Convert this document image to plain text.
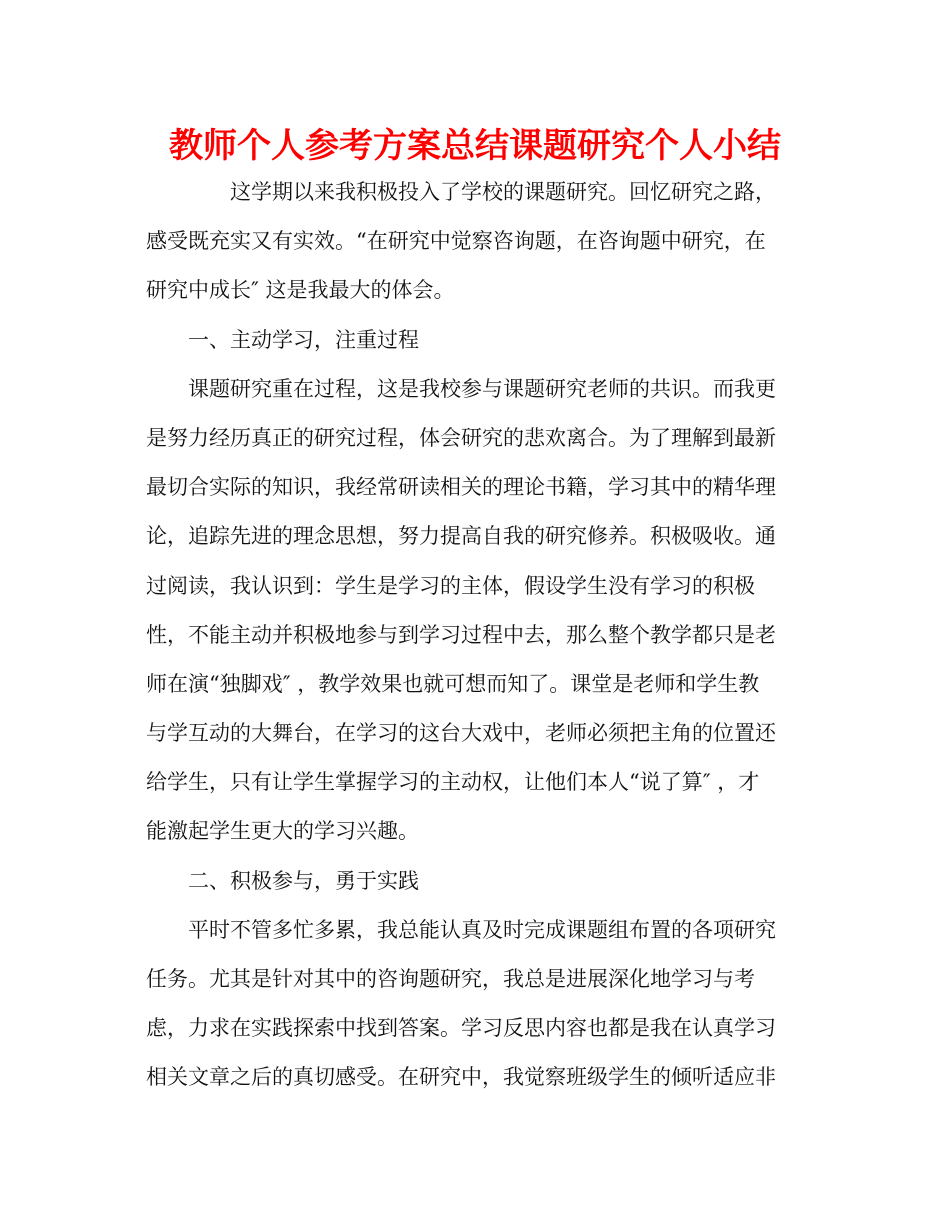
教师个人参考方案总结课题研究个人小结
这学期以来我积极投入了学校的课题研究。回忆研究之路，
感受既充实又有实效。“在研究中觉察咨询题，在咨询题中研究，在
研究中成长″ 这是我最大的体会。
一、主动学习，注重过程
课题研究重在过程，这是我校参与课题研究老师的共识。而我更
是努力经历真正的研究过程，体会研究的悲欢离合。为了理解到最新
最切合实际的知识，我经常研读相关的理论书籍，学习其中的精华理
论，追踪先进的理念思想，努力提高自我的研究修养。积极吸收。通
过阅读，我认识到：学生是学习的主体，假设学生没有学习的积极
性，不能主动并积极地参与到学习过程中去，那么整个教学都只是老
师在演“独脚戏″ ，教学效果也就可想而知了。课堂是老师和学生教
与学互动的大舞台，在学习的这台大戏中，老师必须把主角的位置还
给学生，只有让学生掌握学习的主动权，让他们本人“说了算″ ，才
能激起学生更大的学习兴趣。
二、积极参与，勇于实践
平时不管多忙多累，我总能认真及时完成课题组布置的各项研究
任务。尤其是针对其中的咨询题研究，我总是进展深化地学习与考
虑，力求在实践探索中找到答案。学习反思内容也都是我在认真学习
相关文章之后的真切感受。在研究中，我觉察班级学生的倾听适应非
